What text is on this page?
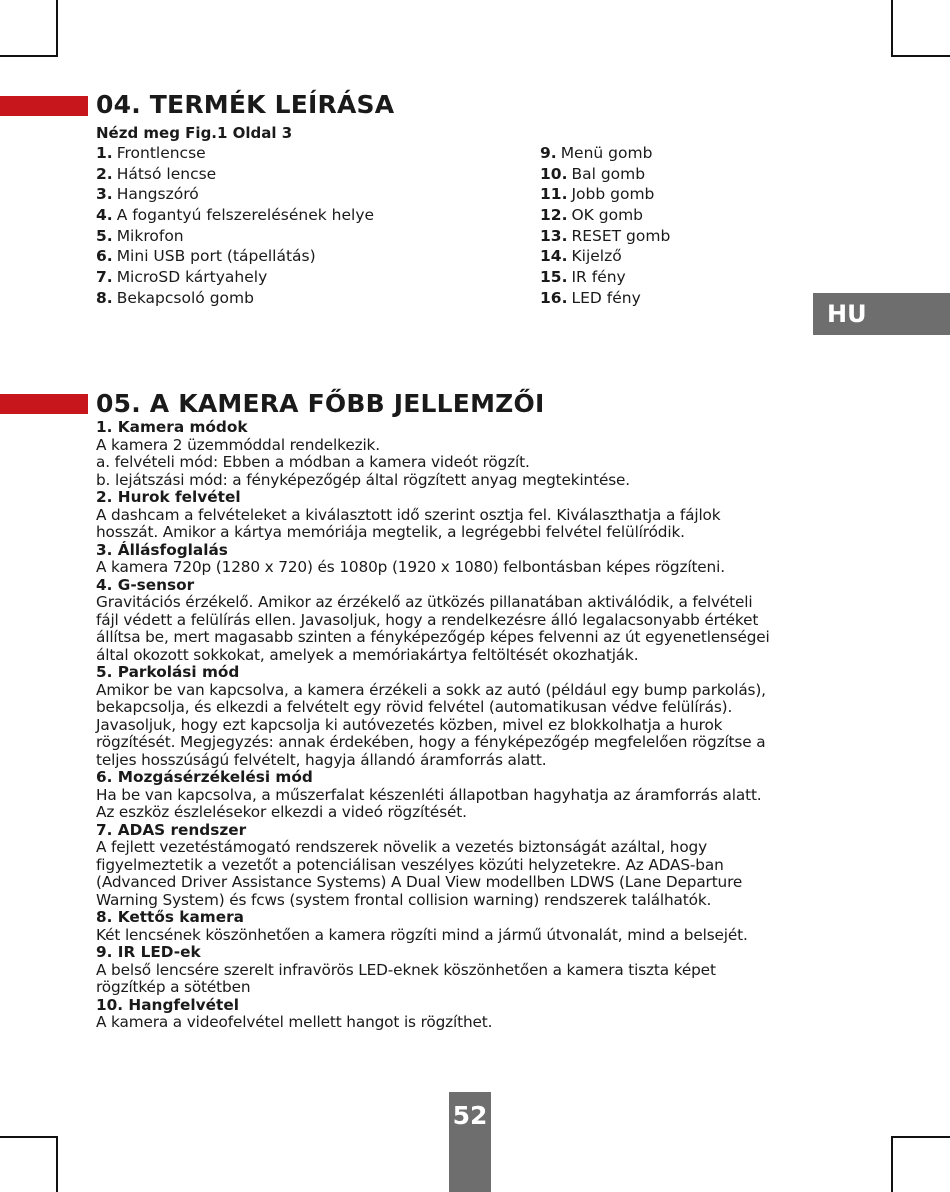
04. TERMÉK LEÍRÁSA
Nézd meg Fig.1 Oldal 3
1. Frontlencse
2. Hátsó lencse
3. Hangszóró
4. A fogantyú felszerelésének helye
5. Mikrofon
6. Mini USB port (tápellátás)
7. MicroSD kártyahely
8. Bekapcsoló gomb
9. Menü gomb
10. Bal gomb
11. Jobb gomb
12. OK gomb
13. RESET gomb
14. Kijelző
15. IR fény
16. LED fény
HU
05. A KAMERA FŐBB JELLEMZŐI
1. Kamera módok

A kamera 2 üzemmóddal rendelkezik.
a. felvételi mód: Ebben a módban a kamera videót rögzít.
b. lejátszási mód: a fényképezőgép által rögzített anyag megtekintése.

2. Hurok felvétel

A dashcam a felvételeket a kiválasztott idő szerint osztja fel. Kiválaszthatja a fájlok
hosszát. Amikor a kártya memóriája megtelik, a legrégebbi felvétel felülíródik.

3. Állásfoglalás

A kamera 720p (1280 x 720) és 1080p (1920 x 1080) felbontásban képes rögzíteni.

4. G-sensor

Gravitációs érzékelő. Amikor az érzékelő az ütközés pillanatában aktiválódik, a felvételi
fájl védett a felülírás ellen. Javasoljuk, hogy a rendelkezésre álló legalacsonyabb értéket
állítsa be, mert magasabb szinten a fényképezőgép képes felvenni az út egyenetlenségei
által okozott sokkokat, amelyek a memóriakártya feltöltését okozhatják.

5. Parkolási mód

Amikor be van kapcsolva, a kamera érzékeli a sokk az autó (például egy bump parkolás),
bekapcsolja, és elkezdi a felvételt egy rövid felvétel (automatikusan védve felülírás).
Javasoljuk, hogy ezt kapcsolja ki autóvezetés közben, mivel ez blokkolhatja a hurok
rögzítését. Megjegyzés: annak érdekében, hogy a fényképezőgép megfelelően rögzítse a
teljes hosszúságú felvételt, hagyja állandó áramforrás alatt.

6. Mozgásérzékelési mód

Ha be van kapcsolva, a műszerfalat készenléti állapotban hagyhatja az áramforrás alatt.
Az eszköz észlelésekor elkezdi a videó rögzítését.

7. ADAS rendszer

A fejlett vezetéstámogató rendszerek növelik a vezetés biztonságát azáltal, hogy
figyelmeztetik a vezetőt a potenciálisan veszélyes közúti helyzetekre. Az ADAS-ban
(Advanced Driver Assistance Systems) A Dual View modellben LDWS (Lane Departure
Warning System) és fcws (system frontal collision warning) rendszerek találhatók.

8. Kettős kamera

Két lencsének köszönhetően a kamera rögzíti mind a jármű útvonalát, mind a belsejét.

9. IR LED-ek

A belső lencsére szerelt infravörös LED-eknek köszönhetően a kamera tiszta képet
rögzítkép a sötétben

10. Hangfelvétel

A kamera a videofelvétel mellett hangot is rögzíthet.

52
